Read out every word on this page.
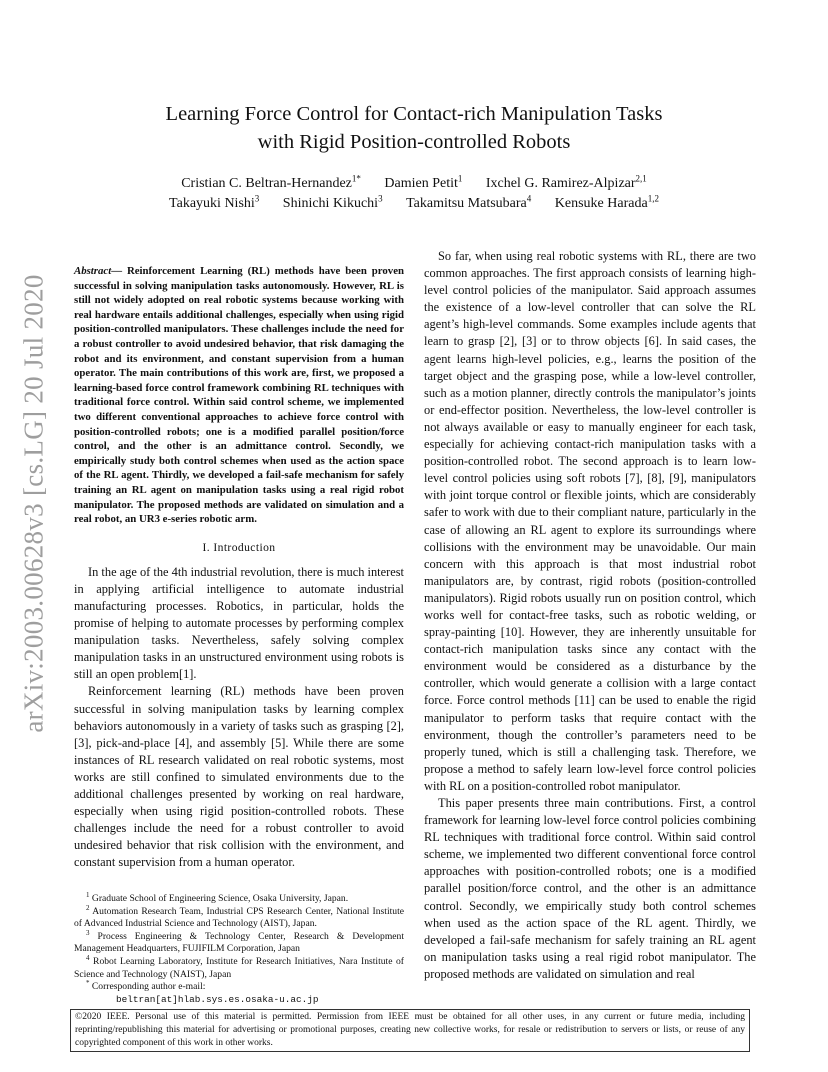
arXiv:2003.00628v3 [cs.LG] 20 Jul 2020
Learning Force Control for Contact-rich Manipulation Tasks
with Rigid Position-controlled Robots
Cristian C. Beltran-Hernandez$^{1*}$ Damien Petit$^1$ Ixchel G. Ramirez-Alpizar$^{2,1}$
Takayuki Nishi$^3$ Shinichi Kikuchi$^3$ Takamitsu Matsubara$^4$ Kensuke Harada$^{1,2}$
Abstract— Reinforcement Learning (RL) methods have been proven successful in solving manipulation tasks autonomously. However, RL is still not widely adopted on real robotic systems because working with real hardware entails additional challenges, especially when using rigid position-controlled manipulators. These challenges include the need for a robust controller to avoid undesired behavior, that risk damaging the robot and its environment, and constant supervision from a human operator. The main contributions of this work are, first, we proposed a learning-based force control framework combining RL techniques with traditional force control. Within said control scheme, we implemented two different conventional approaches to achieve force control with position-controlled robots; one is a modified parallel position/force control, and the other is an admittance control. Secondly, we empirically study both control schemes when used as the action space of the RL agent. Thirdly, we developed a fail-safe mechanism for safely training an RL agent on manipulation tasks using a real rigid robot manipulator. The proposed methods are validated on simulation and a real robot, an UR3 e-series robotic arm.
I. Introduction

In the age of the 4th industrial revolution, there is much interest in applying artificial intelligence to automate industrial manufacturing processes. Robotics, in particular, holds the promise of helping to automate processes by performing complex manipulation tasks. Nevertheless, safely solving complex manipulation tasks in an unstructured environment using robots is still an open problem[1].

Reinforcement learning (RL) methods have been proven successful in solving manipulation tasks by learning complex behaviors autonomously in a variety of tasks such as grasping [2], [3], pick-and-place [4], and assembly [5]. While there are some instances of RL research validated on real robotic systems, most works are still confined to simulated environments due to the additional challenges presented by working on real hardware, especially when using rigid position-controlled robots. These challenges include the need for a robust controller to avoid undesired behavior that risk collision with the environment, and constant supervision from a human operator.

$^1$ Graduate School of Engineering Science, Osaka University, Japan.
$^2$ Automation Research Team, Industrial CPS Research Center, National Institute of Advanced Industrial Science and Technology (AIST), Japan.
$^3$ Process Engineering & Technology Center, Research & Development Management Headquarters, FUJIFILM Corporation, Japan
$^4$ Robot Learning Laboratory, Institute for Research Initiatives, Nara Institute of Science and Technology (NAIST), Japan
* Corresponding author e-mail:
beltran[at]hlab.sys.es.osaka-u.ac.jp

So far, when using real robotic systems with RL, there are two common approaches. The first approach consists of learning high-level control policies of the manipulator. Said approach assumes the existence of a low-level controller that can solve the RL agent’s high-level commands. Some examples include agents that learn to grasp [2], [3] or to throw objects [6]. In said cases, the agent learns high-level policies, e.g., learns the position of the target object and the grasping pose, while a low-level controller, such as a motion planner, directly controls the manipulator’s joints or end-effector position. Nevertheless, the low-level controller is not always available or easy to manually engineer for each task, especially for achieving contact-rich manipulation tasks with a position-controlled robot. The second approach is to learn low-level control policies using soft robots [7], [8], [9], manipulators with joint torque control or flexible joints, which are considerably safer to work with due to their compliant nature, particularly in the case of allowing an RL agent to explore its surroundings where collisions with the environment may be unavoidable. Our main concern with this approach is that most industrial robot manipulators are, by contrast, rigid robots (position-controlled manipulators). Rigid robots usually run on position control, which works well for contact-free tasks, such as robotic welding, or spray-painting [10]. However, they are inherently unsuitable for contact-rich manipulation tasks since any contact with the environment would be considered as a disturbance by the controller, which would generate a collision with a large contact force. Force control methods [11] can be used to enable the rigid manipulator to perform tasks that require contact with the environment, though the controller’s parameters need to be properly tuned, which is still a challenging task. Therefore, we propose a method to safely learn low-level force control policies with RL on a position-controlled robot manipulator.

This paper presents three main contributions. First, a control framework for learning low-level force control policies combining RL techniques with traditional force control. Within said control scheme, we implemented two different conventional force control approaches with position-controlled robots; one is a modified parallel position/force control, and the other is an admittance control. Secondly, we empirically study both control schemes when used as the action space of the RL agent. Thirdly, we developed a fail-safe mechanism for safely training an RL agent on manipulation tasks using a real rigid robot manipulator. The proposed methods are validated on simulation and real

©2020 IEEE. Personal use of this material is permitted. Permission from IEEE must be obtained for all other uses, in any current or future media, including reprinting/republishing this material for advertising or promotional purposes, creating new collective works, for resale or redistribution to servers or lists, or reuse of any copyrighted component of this work in other works.
